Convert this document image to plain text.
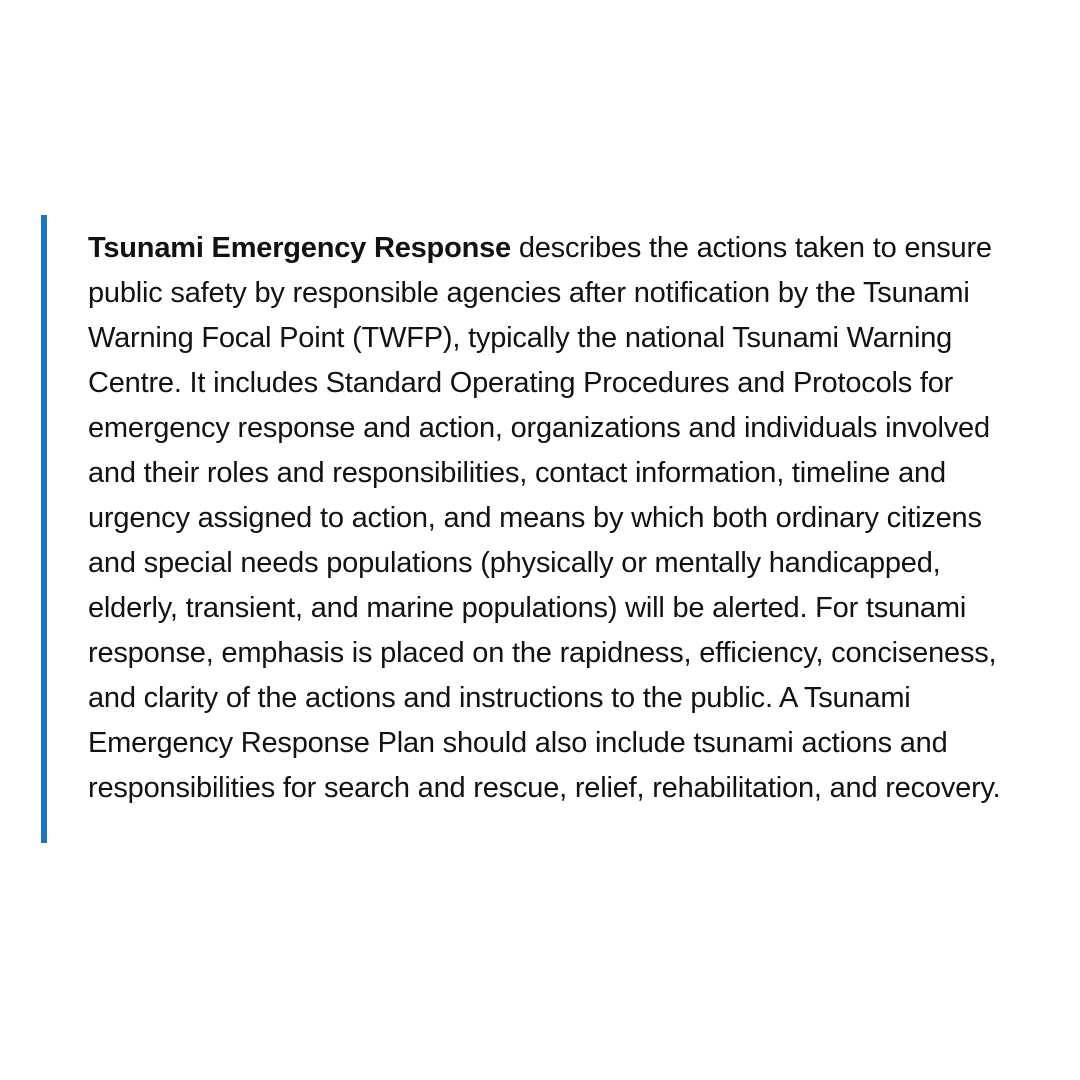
Tsunami Emergency Response describes the actions taken to ensure
public safety by responsible agencies after notification by the Tsunami
Warning Focal Point (TWFP), typically the national Tsunami Warning
Centre. It includes Standard Operating Procedures and Protocols for
emergency response and action, organizations and individuals involved
and their roles and responsibilities, contact information, timeline and
urgency assigned to action, and means by which both ordinary citizens
and special needs populations (physically or mentally handicapped,
elderly, transient, and marine populations) will be alerted. For tsunami
response, emphasis is placed on the rapidness, efficiency, conciseness,
and clarity of the actions and instructions to the public. A Tsunami
Emergency Response Plan should also include tsunami actions and
responsibilities for search and rescue, relief, rehabilitation, and recovery.
